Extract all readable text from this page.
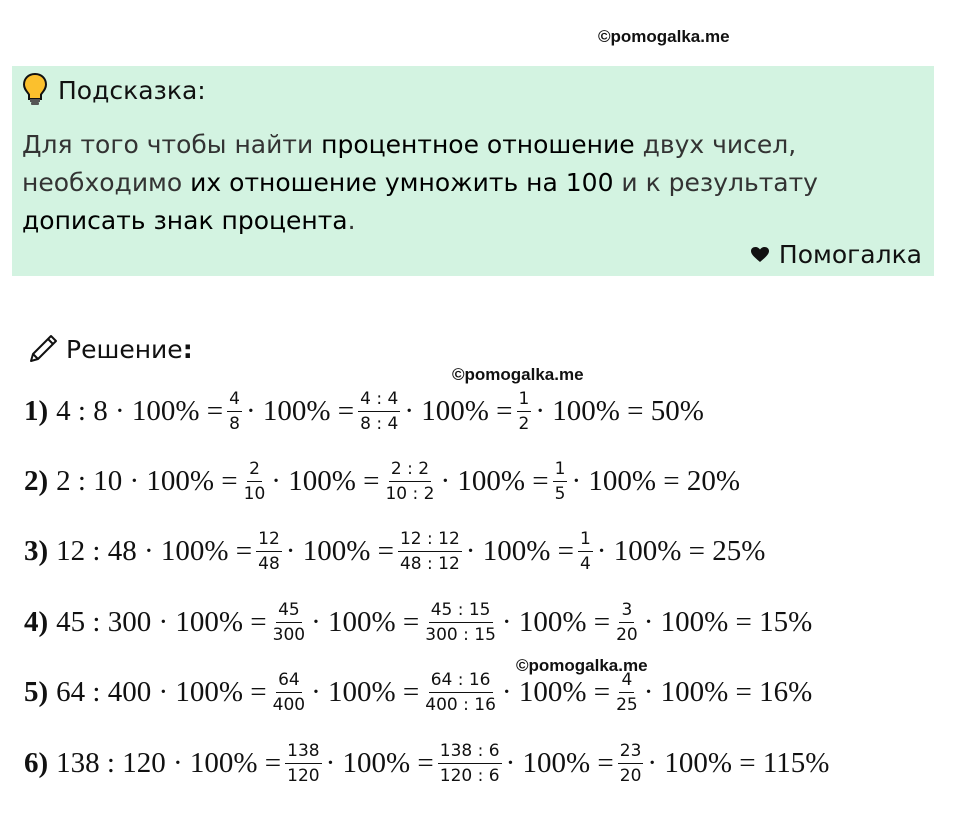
©pomogalka.me
Подсказка:
Для того чтобы найти процентное отношение двух чисел, необходимо их отношение умножить на 100 и к результату дописать знак процента.
Помогалка
Решение :
©pomogalka.me
1) 4 : $8 \cdot 100\% = \frac{4}{8} \cdot 100\% = \frac{4 : 4}{8 : 4} \cdot 100\% = \frac{1}{2} \cdot 100\% = 50\%$
2) 2 : $10 \cdot 100\% = \frac{2}{10} \cdot 100\% = \frac{2 : 2}{10 : 2} \cdot 100\% = \frac{1}{5} \cdot 100\% = 20\%$
3) 12 : $48 \cdot 100\% = \frac{12}{48} \cdot 100\% = \frac{12 : 12}{48 : 12} \cdot 100\% = \frac{1}{4} \cdot 100\% = 25\%$
4) 45 : $300 \cdot 100\% = \frac{45}{300} \cdot 100\% = \frac{45 : 15}{300 : 15} \cdot 100\% = \frac{3}{20} \cdot 100\% = 15\%$
5) 64 : $400 \cdot 100\% = \frac{64}{400} \cdot 100\% = \frac{64 : 16}{400 : 16} \cdot 100\% = \frac{4}{25} \cdot 100\% = 16\%$
6) 138 : $120 \cdot 100\% = \frac{138}{120} \cdot 100\% = \frac{138 : 6}{120 : 6} \cdot 100\% = \frac{23}{20} \cdot 100\% = 115\%$
©pomogalka.me
